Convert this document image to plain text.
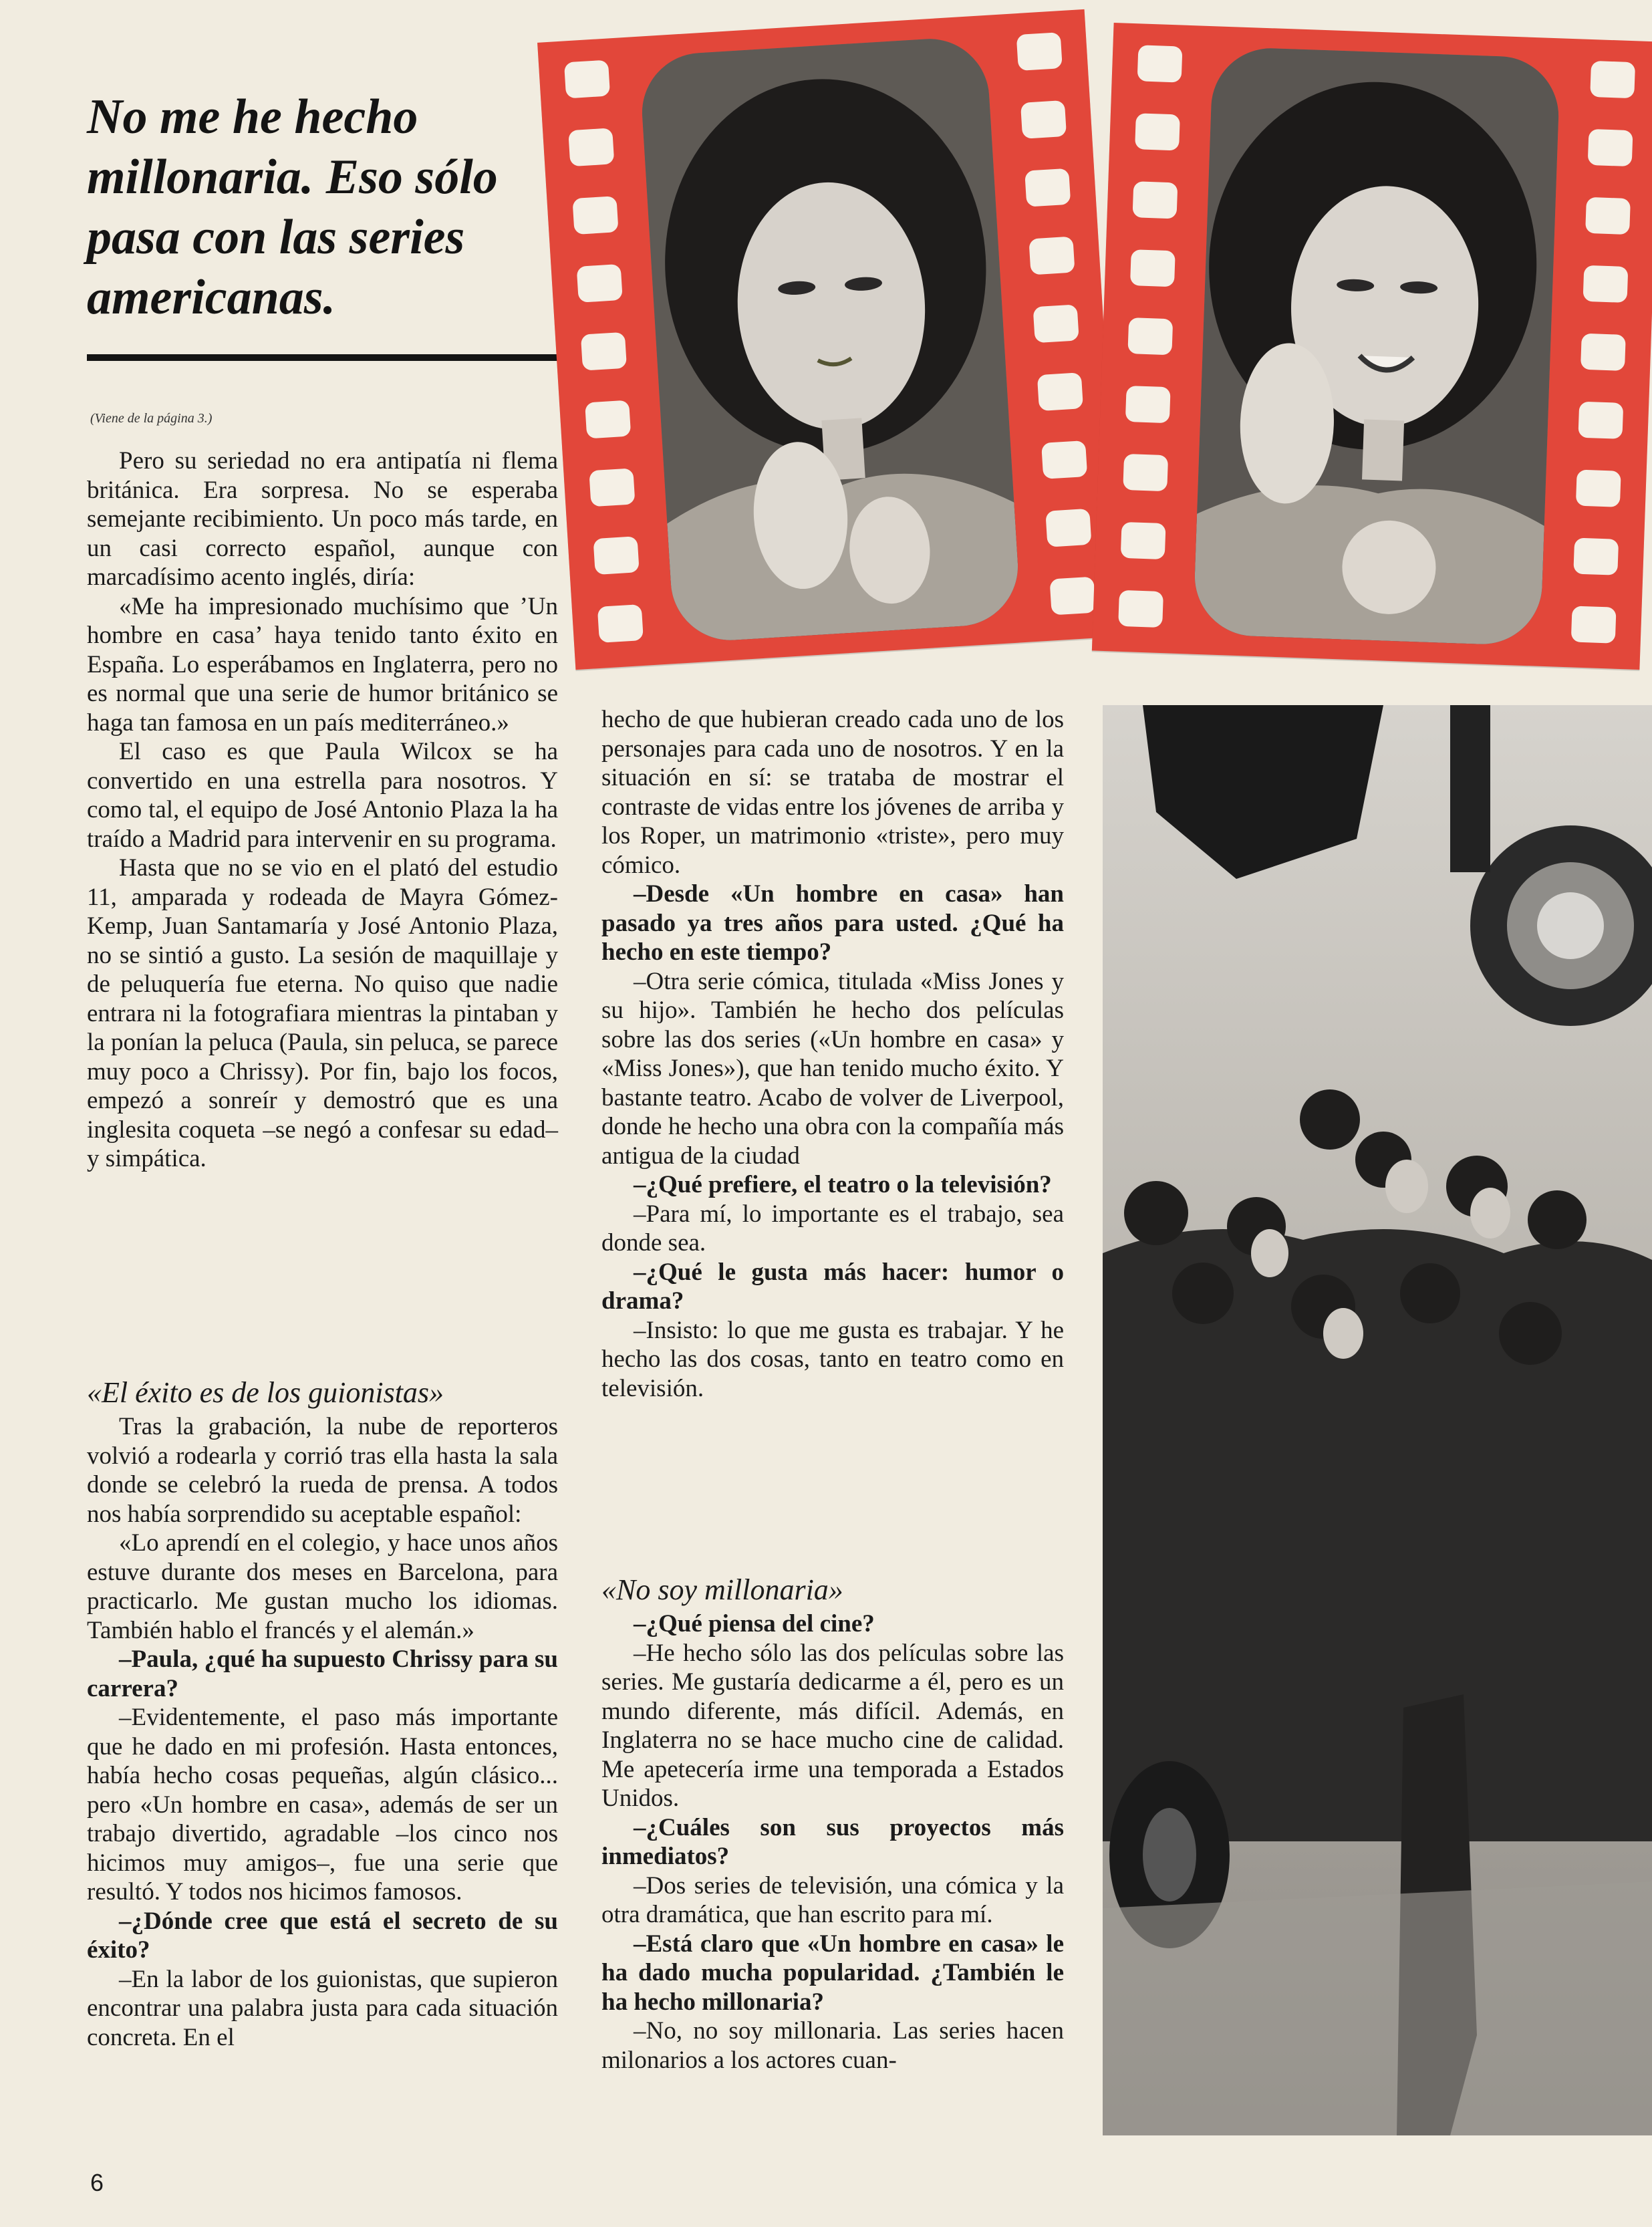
No me he hecho
millonaria. Eso sólo
pasa con las series
americanas.
(Viene de la página 3.)

Pero su seriedad no era antipatía ni flema británica. Era sorpresa. No se esperaba semejante recibimiento. Un poco más tarde, en un casi correcto español, aunque con marcadísimo acento inglés, diría:

«Me ha impresionado muchísimo que ’Un hombre en casa’ haya tenido tanto éxito en España. Lo esperábamos en Inglaterra, pero no es normal que una serie de humor británico se haga tan famosa en un país mediterráneo.»

El caso es que Paula Wilcox se ha convertido en una estrella para nosotros. Y como tal, el equipo de José Antonio Plaza la ha traído a Madrid para intervenir en su programa.

Hasta que no se vio en el plató del estudio 11, amparada y rodeada de Mayra Gómez-Kemp, Juan Santamaría y José Antonio Plaza, no se sintió a gusto. La sesión de maquillaje y de peluquería fue eterna. No quiso que nadie entrara ni la fotografiara mientras la pintaban y la ponían la peluca (Paula, sin peluca, se parece muy poco a Chrissy). Por fin, bajo los focos, empezó a sonreír y demostró que es una inglesita coqueta –se negó a confesar su edad– y simpática.

«El éxito es de los guionistas»

Tras la grabación, la nube de reporteros volvió a rodearla y corrió tras ella hasta la sala donde se celebró la rueda de prensa. A todos nos había sorprendido su aceptable español:

«Lo aprendí en el colegio, y hace unos años estuve durante dos meses en Barcelona, para practicarlo. Me gustan mucho los idiomas. También hablo el francés y el alemán.»

–Paula, ¿qué ha supuesto Chrissy para su carrera?

–Evidentemente, el paso más importante que he dado en mi profesión. Hasta entonces, había hecho cosas pequeñas, algún clásico... pero «Un hombre en casa», además de ser un trabajo divertido, agradable –los cinco nos hicimos muy amigos–, fue una serie que resultó. Y todos nos hicimos famosos.

–¿Dónde cree que está el secreto de su éxito?

–En la labor de los guionistas, que supieron encontrar una palabra justa para cada situación concreta. En el

hecho de que hubieran creado cada uno de los personajes para cada uno de nosotros. Y en la situación en sí: se trataba de mostrar el contraste de vidas entre los jóvenes de arriba y los Roper, un matrimonio «triste», pero muy cómico.

–Desde «Un hombre en casa» han pasado ya tres años para usted. ¿Qué ha hecho en este tiempo?

–Otra serie cómica, titulada «Miss Jones y su hijo». También he hecho dos películas sobre las dos series («Un hombre en casa» y «Miss Jones»), que han tenido mucho éxito. Y bastante teatro. Acabo de volver de Liverpool, donde he hecho una obra con la compañía más antigua de la ciudad

–¿Qué prefiere, el teatro o la televisión?

–Para mí, lo importante es el trabajo, sea donde sea.

–¿Qué le gusta más hacer: humor o drama?

–Insisto: lo que me gusta es trabajar. Y he hecho las dos cosas, tanto en teatro como en televisión.

«No soy millonaria»

–¿Qué piensa del cine?

–He hecho sólo las dos películas sobre las series. Me gustaría dedicarme a él, pero es un mundo diferente, más difícil. Además, en Inglaterra no se hace mucho cine de calidad. Me apetecería irme una temporada a Estados Unidos.

–¿Cuáles son sus proyectos más inmediatos?

–Dos series de televisión, una cómica y la otra dramática, que han escrito para mí.

–Está claro que «Un hombre en casa» le ha dado mucha popularidad. ¿También le ha hecho millonaria?

–No, no soy millonaria. Las series hacen milonarios a los actores cuan-

6
